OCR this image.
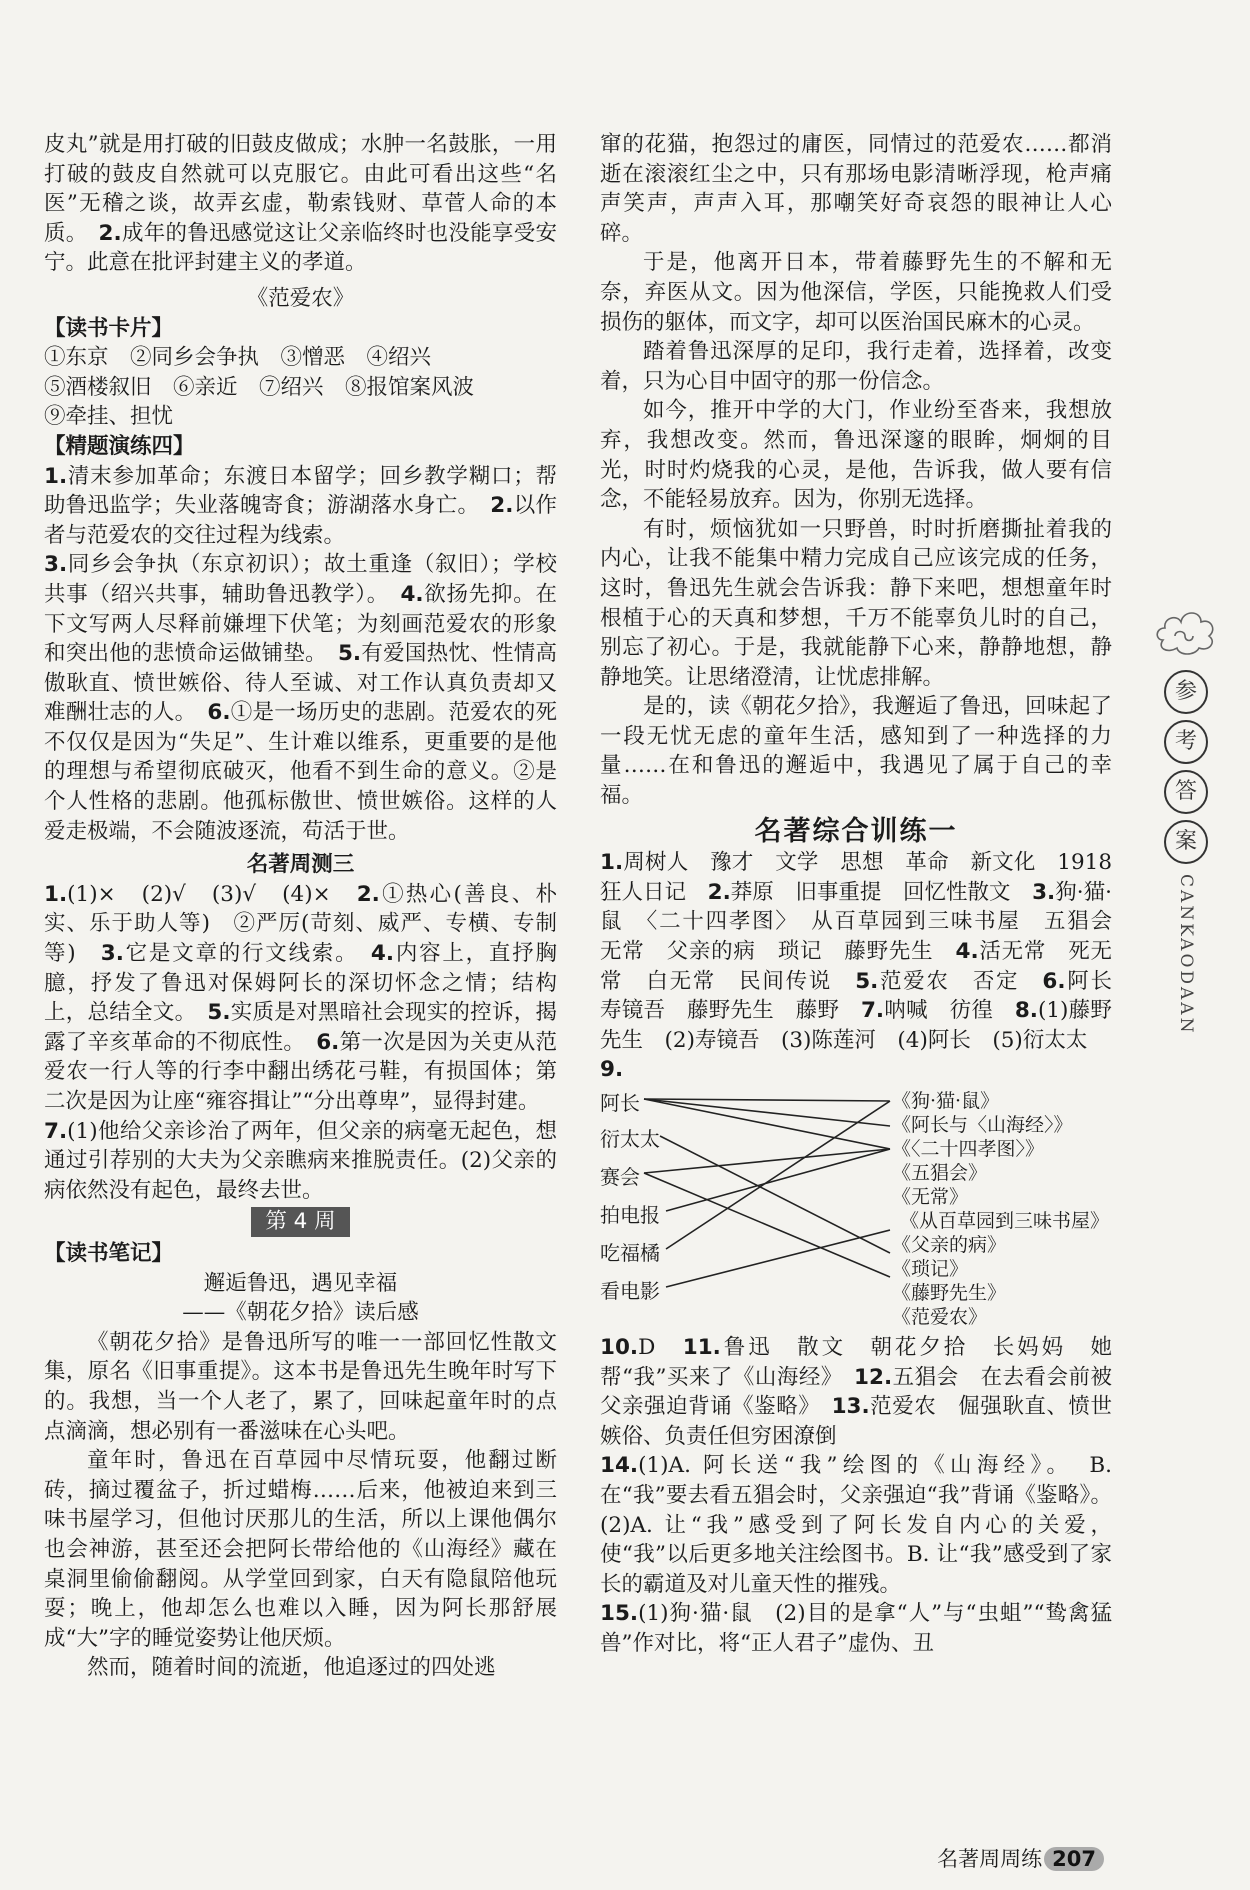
皮丸”就是用打破的旧鼓皮做成；水肿一名鼓胀，一用打破的鼓皮自然就可以克服它。由此可看出这些“名医”无稽之谈，故弄玄虚，勒索钱财、草菅人命的本质。　 2.成年的鲁迅感觉这让父亲临终时也没能享受安宁。此意在批评封建主义的孝道。

《范爱农》

【读书卡片】
①东京　②同乡会争执　③憎恶　④绍兴
⑤酒楼叙旧　⑥亲近　⑦绍兴　⑧报馆案风波
⑨牵挂、担忧
【精题演练四】

1.清末参加革命；东渡日本留学；回乡教学糊口；帮助鲁迅监学；失业落魄寄食；游湖落水身亡。　 2.以作者与范爱农的交往过程为线索。

3.同乡会争执（东京初识）；故土重逢（叙旧）；学校共事（绍兴共事，辅助鲁迅教学）。　 4.欲扬先抑。在下文写两人尽释前嫌埋下伏笔；为刻画范爱农的形象和突出他的悲愤命运做铺垫。　 5.有爱国热忱、性情高傲耿直、愤世嫉俗、待人至诚、对工作认真负责却又难酬壮志的人。　 6.①是一场历史的悲剧。范爱农的死不仅仅是因为“失足”、生计难以维系，更重要的是他的理想与希望彻底破灭，他看不到生命的意义。②是个人性格的悲剧。他孤标傲世、愤世嫉俗。这样的人爱走极端，不会随波逐流，苟活于世。

名著周测三

1.(1)×　(2)√　(3)√　(4)×　 2.①热心(善良、朴实、乐于助人等)　②严厉(苛刻、威严、专横、专制等)　 3.它是文章的行文线索。　 4.内容上，直抒胸臆，抒发了鲁迅对保姆阿长的深切怀念之情；结构上，总结全文。　 5.实质是对黑暗社会现实的控诉，揭露了辛亥革命的不彻底性。　 6.第一次是因为关吏从范爱农一行人等的行李中翻出绣花弓鞋，有损国体；第二次是因为让座“雍容揖让”“分出尊卑”，显得封建。

7.(1)他给父亲诊治了两年，但父亲的病毫无起色，想通过引荐别的大夫为父亲瞧病来推脱责任。(2)父亲的病依然没有起色，最终去世。

第 4 周

【读书笔记】

邂逅鲁迅，遇见幸福

——《朝花夕拾》读后感

《朝花夕拾》是鲁迅所写的唯一一部回忆性散文集，原名《旧事重提》。这本书是鲁迅先生晚年时写下的。我想，当一个人老了，累了，回味起童年时的点点滴滴，想必别有一番滋味在心头吧。

童年时，鲁迅在百草园中尽情玩耍，他翻过断砖，摘过覆盆子，折过蜡梅……后来，他被迫来到三味书屋学习，但他讨厌那儿的生活，所以上课他偶尔也会神游，甚至还会把阿长带给他的《山海经》藏在桌洞里偷偷翻阅。从学堂回到家，白天有隐鼠陪他玩耍；晚上，他却怎么也难以入睡，因为阿长那舒展成“大”字的睡觉姿势让他厌烦。

然而，随着时间的流逝，他追逐过的四处逃

窜的花猫，抱怨过的庸医，同情过的范爱农……都消逝在滚滚红尘之中，只有那场电影清晰浮现，枪声痛声笑声，声声入耳，那嘲笑好奇哀怨的眼神让人心碎。

于是，他离开日本，带着藤野先生的不解和无奈，弃医从文。因为他深信，学医，只能挽救人们受损伤的躯体，而文字，却可以医治国民麻木的心灵。

踏着鲁迅深厚的足印，我行走着，选择着，改变着，只为心目中固守的那一份信念。

如今，推开中学的大门，作业纷至沓来，我想放弃，我想改变。然而，鲁迅深邃的眼眸，炯炯的目光，时时灼烧我的心灵，是他，告诉我，做人要有信念，不能轻易放弃。因为，你别无选择。

有时，烦恼犹如一只野兽，时时折磨撕扯着我的内心，让我不能集中精力完成自己应该完成的任务，这时，鲁迅先生就会告诉我：静下来吧，想想童年时根植于心的天真和梦想，千万不能辜负儿时的自己，别忘了初心。于是，我就能静下心来，静静地想，静静地笑。让思绪澄清，让忧虑排解。

是的，读《朝花夕拾》，我邂逅了鲁迅，回味起了一段无忧无虑的童年生活，感知到了一种选择的力量……在和鲁迅的邂逅中，我遇见了属于自己的幸福。

名著综合训练一

1.周树人　豫才　文学　思想　革命　新文化　1918　狂人日记　 2.莽原　旧事重提　回忆性散文　 3.狗·猫·鼠　〈二十四孝图〉　从百草园到三味书屋　五猖会　无常　父亲的病　琐记　藤野先生　 4.活无常　死无常　白无常　民间传说　 5.范爱农　否定　 6.阿长　寿镜吾　藤野先生　藤野　 7.呐喊　彷徨　 8.(1)藤野先生　(2)寿镜吾　(3)陈莲河　(4)阿长　(5)衍太太

9.
阿长
衍太太
赛会
拍电报
吃福橘
看电影
《狗·猫·鼠》
《阿长与〈山海经〉》
《〈二十四孝图〉》
《五猖会》
《无常》
《从百草园到三味书屋》
《父亲的病》
《琐记》
《藤野先生》
《范爱农》

10.D　 11.鲁迅　散文　朝花夕拾　长妈妈　她帮“我”买来了《山海经》　 12.五猖会　在去看会前被父亲强迫背诵《鉴略》　 13.范爱农　倔强耿直、愤世嫉俗、负责任但穷困潦倒

14.(1)A. 阿长送“我”绘图的《山海经》。　B. 在“我”要去看五猖会时，父亲强迫“我”背诵《鉴略》。(2)A. 让“我”感受到了阿长发自内心的关爱，使“我”以后更多地关注绘图书。B. 让“我”感受到了家长的霸道及对儿童天性的摧残。

15.(1)狗·猫·鼠　(2)目的是拿“人”与“虫蛆”“鸷禽猛兽”作对比，将“正人君子”虚伪、丑

参
考
答
案
CANKAODAAN
名著周周练 207
